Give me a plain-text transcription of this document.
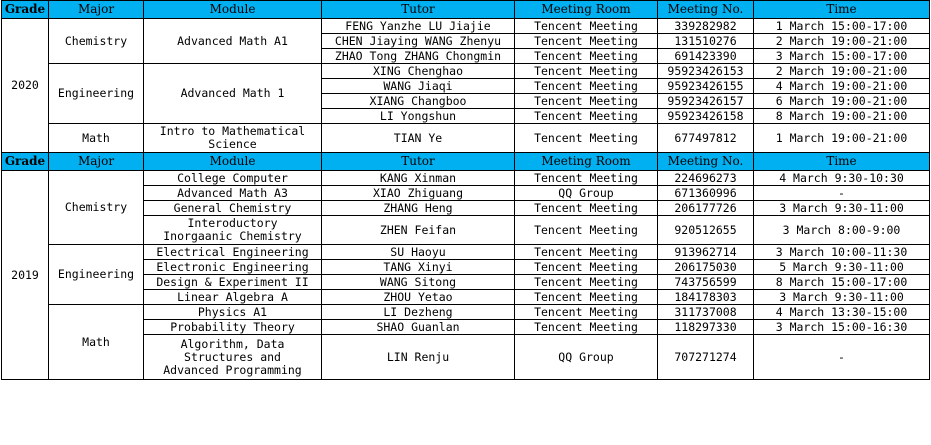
Grade	Major	Module	Tutor	Meeting Room	Meeting No.	Time
2020	Chemistry	Advanced Math A1	FENG Yanzhe LU Jiajie	Tencent Meeting	339282982	1 March 15:00-17:00
			CHEN Jiaying WANG Zhenyu	Tencent Meeting	131510276	2 March 19:00-21:00
			ZHAO Tong ZHANG Chongmin	Tencent Meeting	691423390	3 March 15:00-17:00
	Engineering	Advanced Math 1	XING Chenghao	Tencent Meeting	95923426153	2 March 19:00-21:00
			WANG Jiaqi	Tencent Meeting	95923426155	4 March 19:00-21:00
			XIANG Changboo	Tencent Meeting	95923426157	6 March 19:00-21:00
			LI Yongshun	Tencent Meeting	95923426158	8 March 19:00-21:00
	Math	Intro to Mathematical
Science	TIAN Ye	Tencent Meeting	677497812	1 March 19:00-21:00
Grade	Major	Module	Tutor	Meeting Room	Meeting No.	Time
2019	Chemistry	College Computer	KANG Xinman	Tencent Meeting	224696273	4 March 9:30-10:30
		Advanced Math A3	XIAO Zhiguang	QQ Group	671360996	-
		General Chemistry	ZHANG Heng	Tencent Meeting	206177726	3 March 9:30-11:00
		Interoductory
Inorgaanic Chemistry	ZHEN Feifan	Tencent Meeting	920512655	3 March 8:00-9:00
	Engineering	Electrical Engineering	SU Haoyu	Tencent Meeting	913962714	3 March 10:00-11:30
		Electronic Engineering	TANG Xinyi	Tencent Meeting	206175030	5 March 9:30-11:00
		Design & Experiment II	WANG Sitong	Tencent Meeting	743756599	8 March 15:00-17:00
		Linear Algebra A	ZHOU Yetao	Tencent Meeting	184178303	3 March 9:30-11:00
	Math	Physics A1	LI Dezheng	Tencent Meeting	311737008	4 March 13:30-15:00
		Probability Theory	SHAO Guanlan	Tencent Meeting	118297330	3 March 15:00-16:30
		Algorithm, Data
Structures and
Advanced Programming	LIN Renju	QQ Group	707271274	-
